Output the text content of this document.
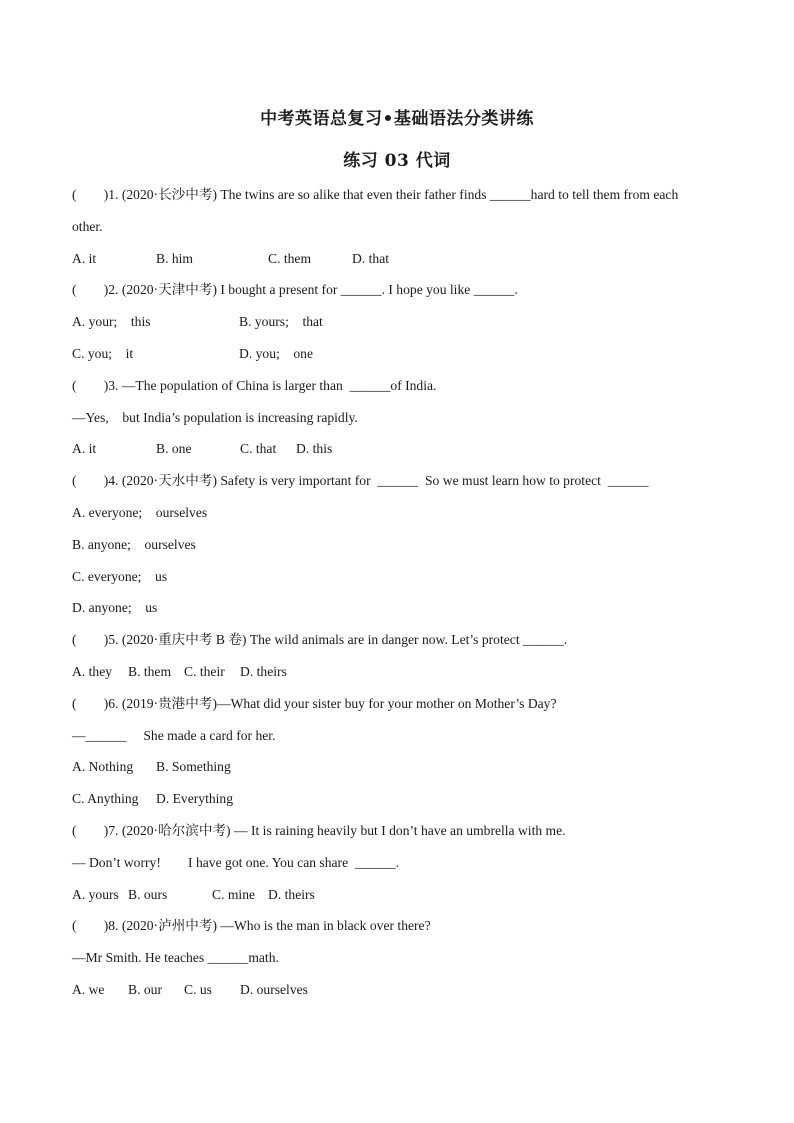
中考英语总复习•基础语法分类讲练
练习 03 代词
(        )1. (2020·长沙中考) The twins are so alike that even their father finds ______hard to tell them from each
other.
A. it	B. him	C. them	D. that
(        )2. (2020·天津中考) I bought a present for ______. I hope you like ______.
A. your;    this	B. yours;    that
C. you;    it	D. you;    one
(        )3. —The population of China is larger than  ______of India.
—Yes,    but India’s population is increasing rapidly.
A. it	B. one	C. that D. this
(        )4. (2020·天水中考) Safety is very important for  ______  So we must learn how to protect  ______
A. everyone;    ourselves
B. anyone;    ourselves
C. everyone;    us
D. anyone;    us
(        )5. (2020·重庆中考 B 卷) The wild animals are in danger now. Let’s protect ______.
A. they B. them C. their D. theirs
(        )6. (2019·贵港中考)—What did your sister buy for your mother on Mother’s Day?
—______     She made a card for her.
A. Nothing B. Something
C. Anything D. Everything
(        )7. (2020·哈尔滨中考) — It is raining heavily but I don’t have an umbrella with me.
— Don’t worry!        I have got one. You can share  ______.
A. yours B. ours	C. mine D. theirs
(        )8. (2020·泸州中考) —Who is the man in black over there?
—Mr Smith. He teaches ______math.
A. we B. our C. us D. ourselves
